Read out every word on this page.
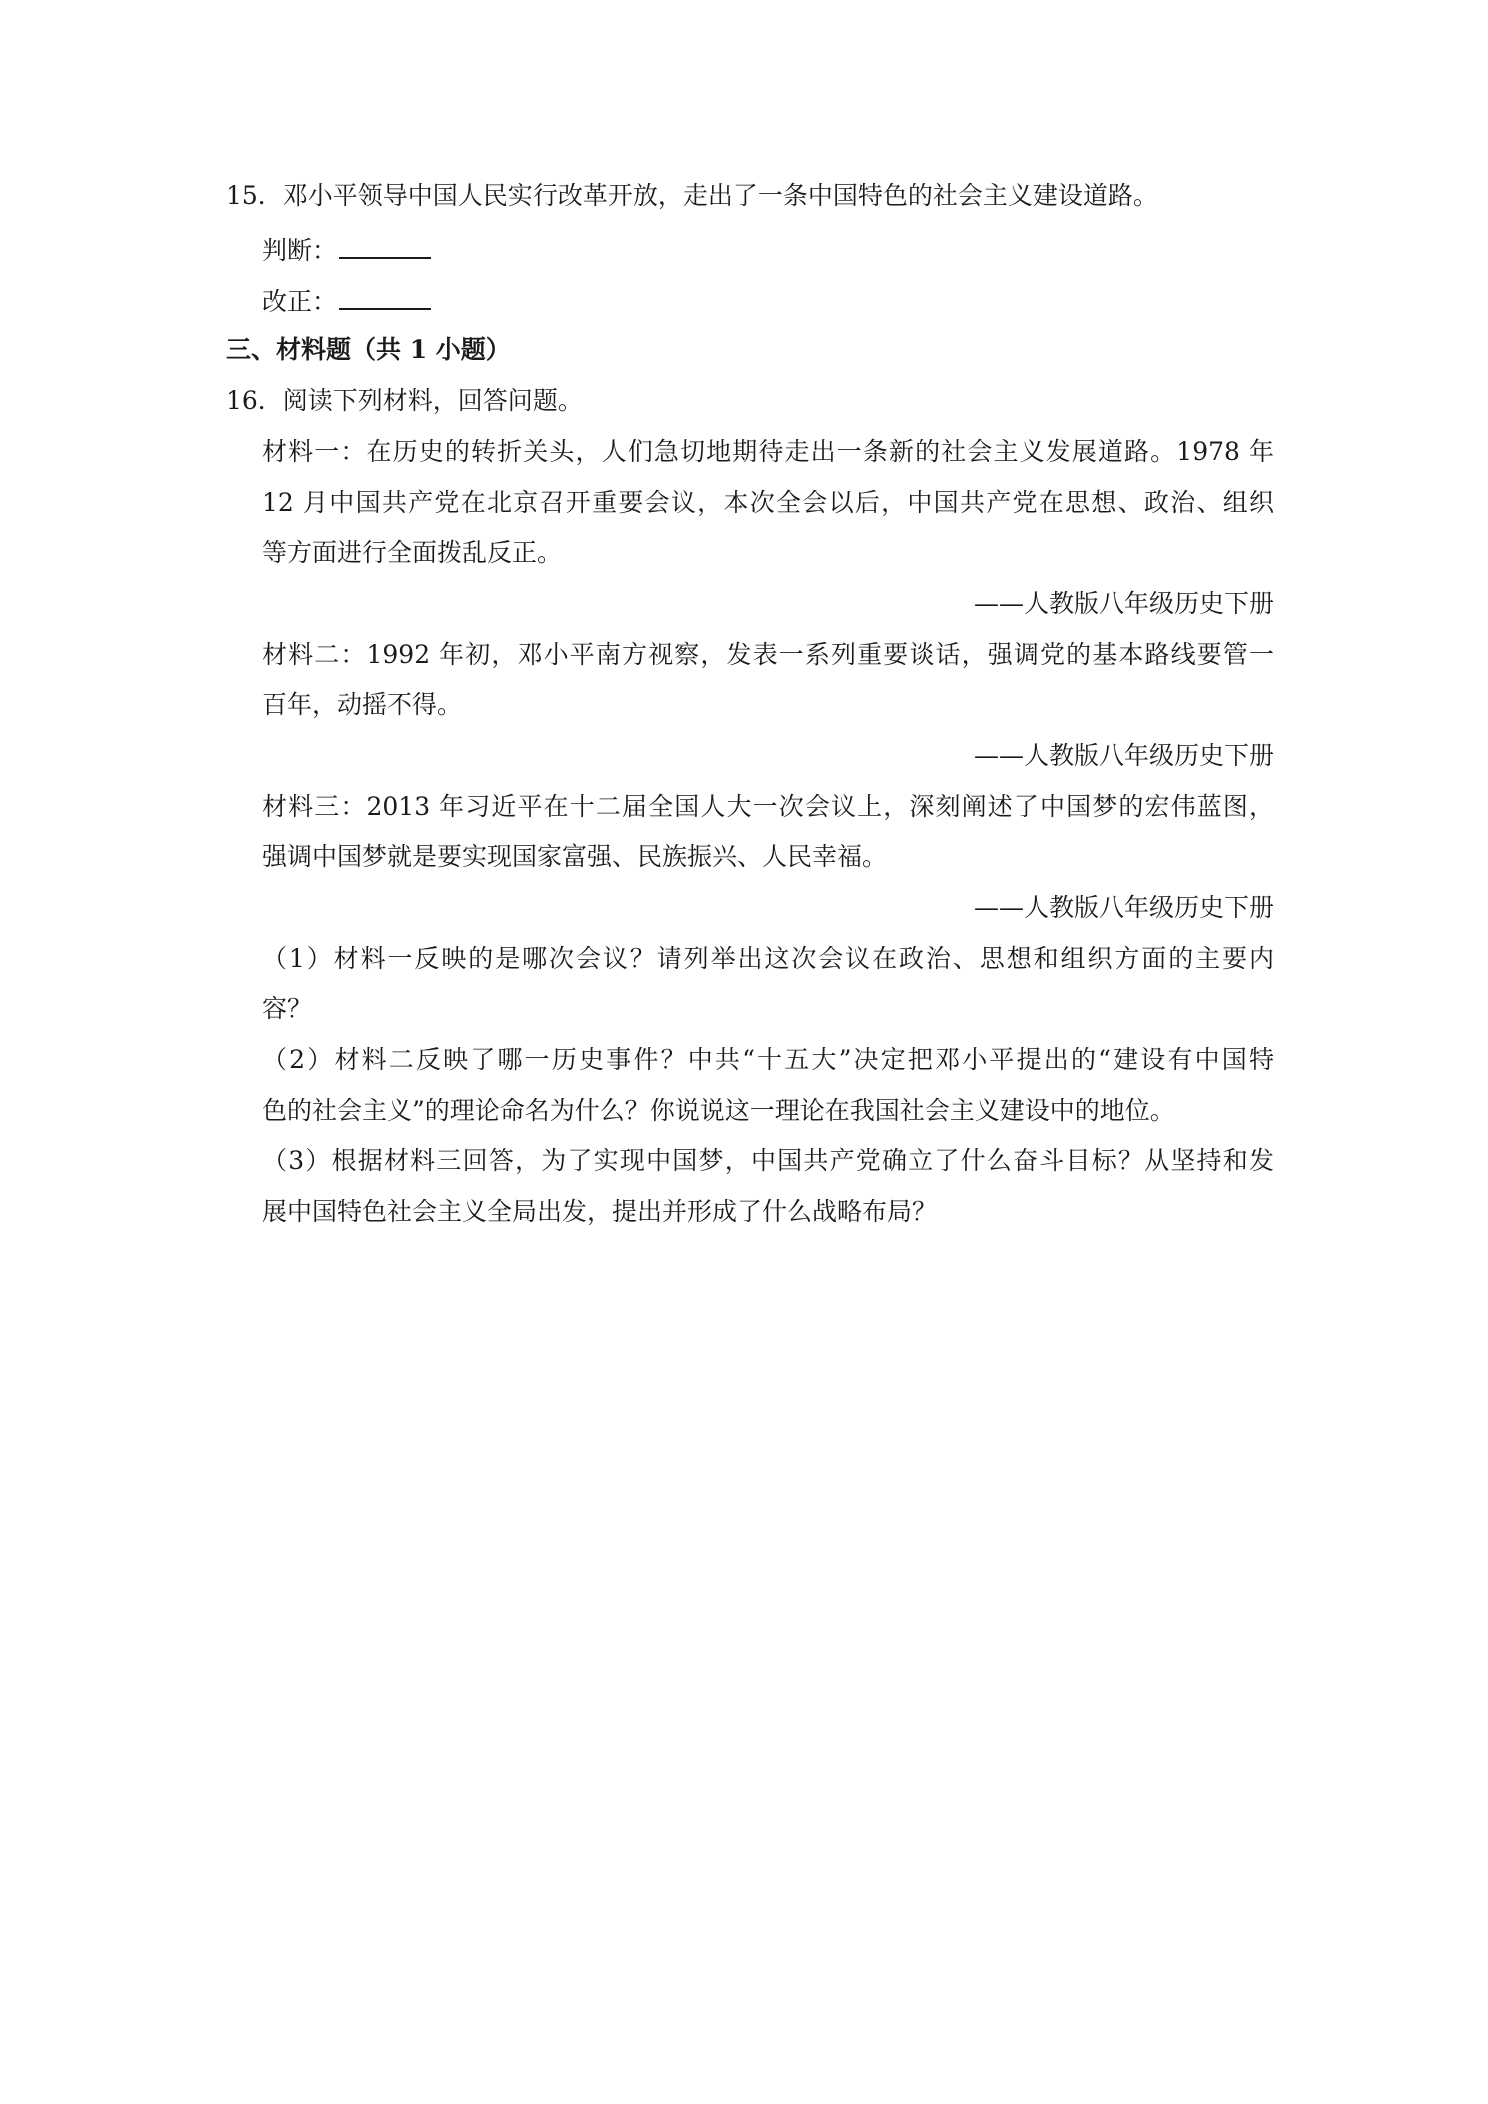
15．邓小平领导中国人民实行改革开放，走出了一条中国特色的社会主义建设道路。
判断：
改正：
三、材料题（共 1 小题）
16．阅读下列材料，回答问题。
材料一：在历史的转折关头，人们急切地期待走出一条新的社会主义发展道路。1978 年
12 月中国共产党在北京召开重要会议，本次全会以后，中国共产党在思想、政治、组织
等方面进行全面拨乱反正。
——人教版八年级历史下册
材料二：1992 年初，邓小平南方视察，发表一系列重要谈话，强调党的基本路线要管一
百年，动摇不得。
——人教版八年级历史下册
材料三：2013 年习近平在十二届全国人大一次会议上，深刻阐述了中国梦的宏伟蓝图，
强调中国梦就是要实现国家富强、民族振兴、人民幸福。
——人教版八年级历史下册
（1）材料一反映的是哪次会议？请列举出这次会议在政治、思想和组织方面的主要内
容？
（2）材料二反映了哪一历史事件？中共“十五大”决定把邓小平提出的“建设有中国特
色的社会主义”的理论命名为什么？你说说这一理论在我国社会主义建设中的地位。
（3）根据材料三回答，为了实现中国梦，中国共产党确立了什么奋斗目标？从坚持和发
展中国特色社会主义全局出发，提出并形成了什么战略布局？
